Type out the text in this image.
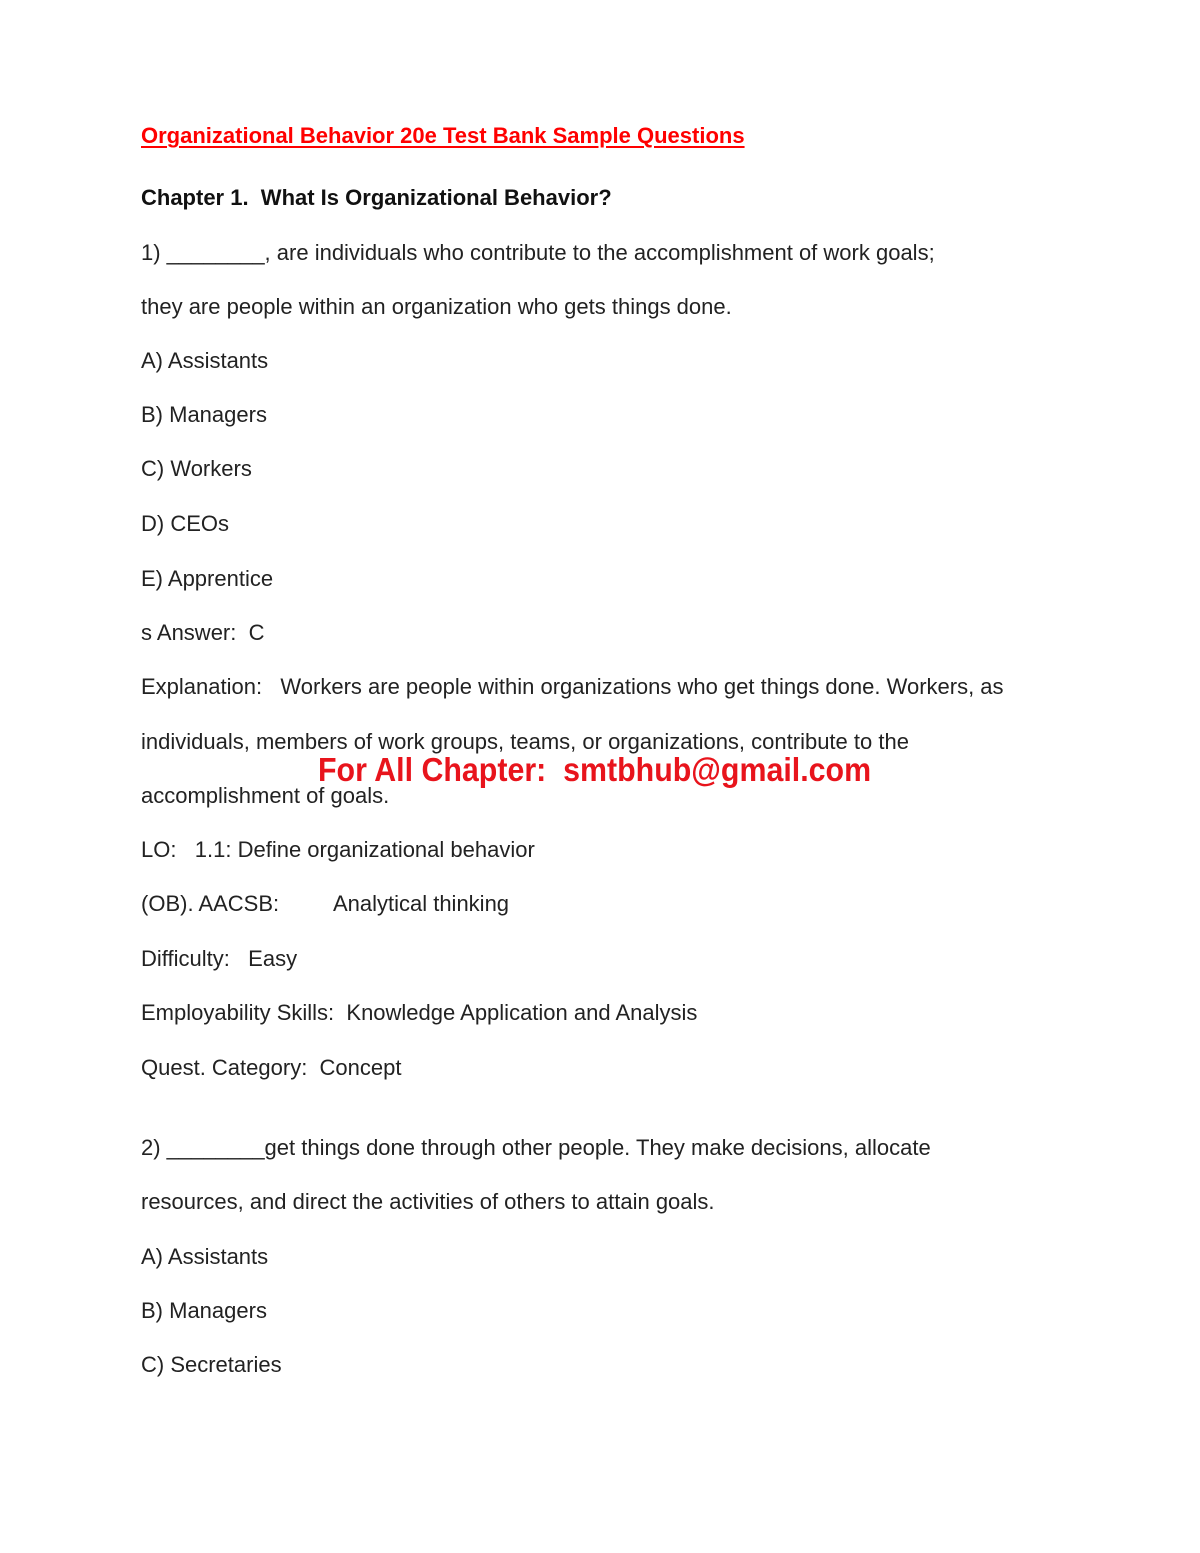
Organizational Behavior 20e Test Bank Sample Questions
Chapter 1.  What Is Organizational Behavior?
1) ________, are individuals who contribute to the accomplishment of work goals;
they are people within an organization who gets things done.
A) Assistants
B) Managers
C) Workers
D) CEOs
E) Apprentice
s Answer:  C
Explanation:   Workers are people within organizations who get things done. Workers, as
individuals, members of work groups, teams, or organizations, contribute to the
accomplishment of goals.
LO:   1.1: Define organizational behavior
(OB). AACSB:         Analytical thinking
Difficulty:   Easy
Employability Skills:  Knowledge Application and Analysis
Quest. Category:  Concept
2) ________get things done through other people. They make decisions, allocate
resources, and direct the activities of others to attain goals.
A) Assistants
B) Managers
C) Secretaries
For All Chapter:  smtbhub@gmail.com
